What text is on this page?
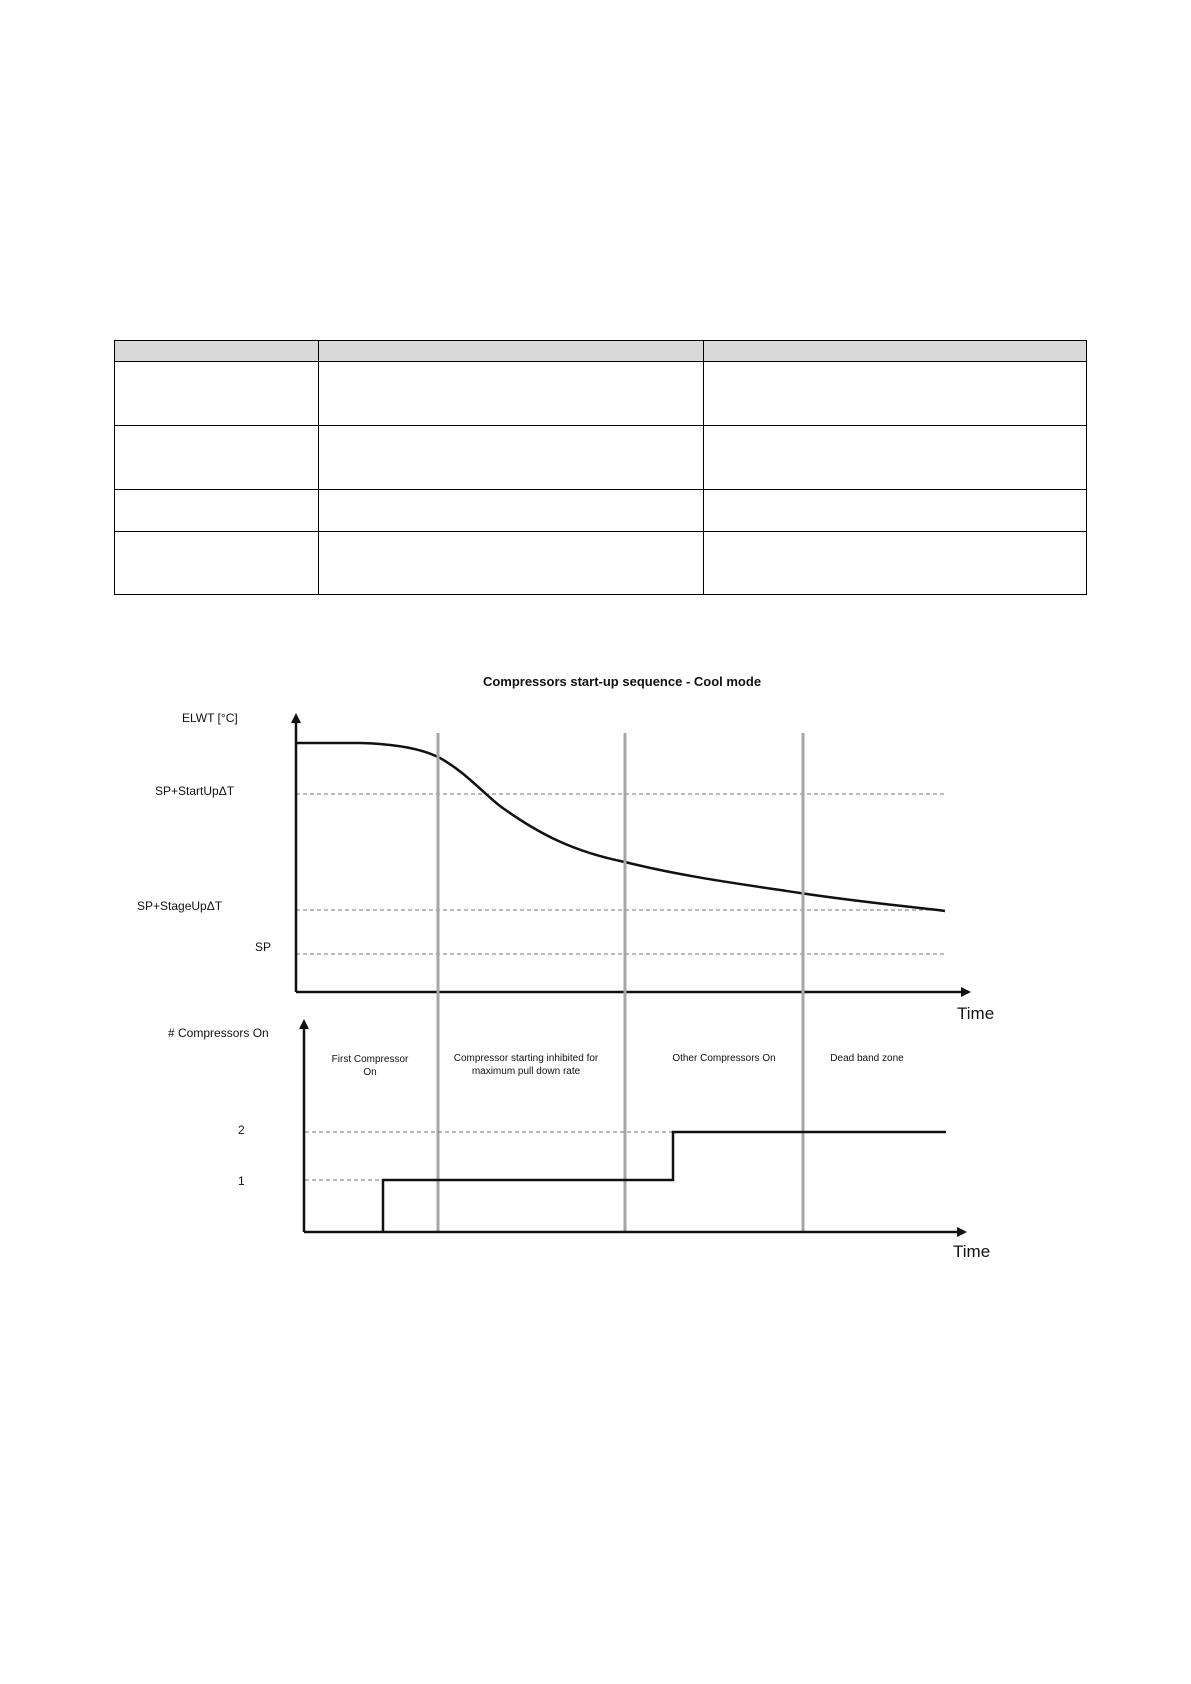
Compressors start-up sequence - Cool mode
ELWT [°C]
SP+StartUpΔT
SP+StageUpΔT
SP
Time
# Compressors On
2
1
Time
First Compressor
On
Compressor starting inhibited for
maximum pull down rate
Other Compressors On	Dead band zone
